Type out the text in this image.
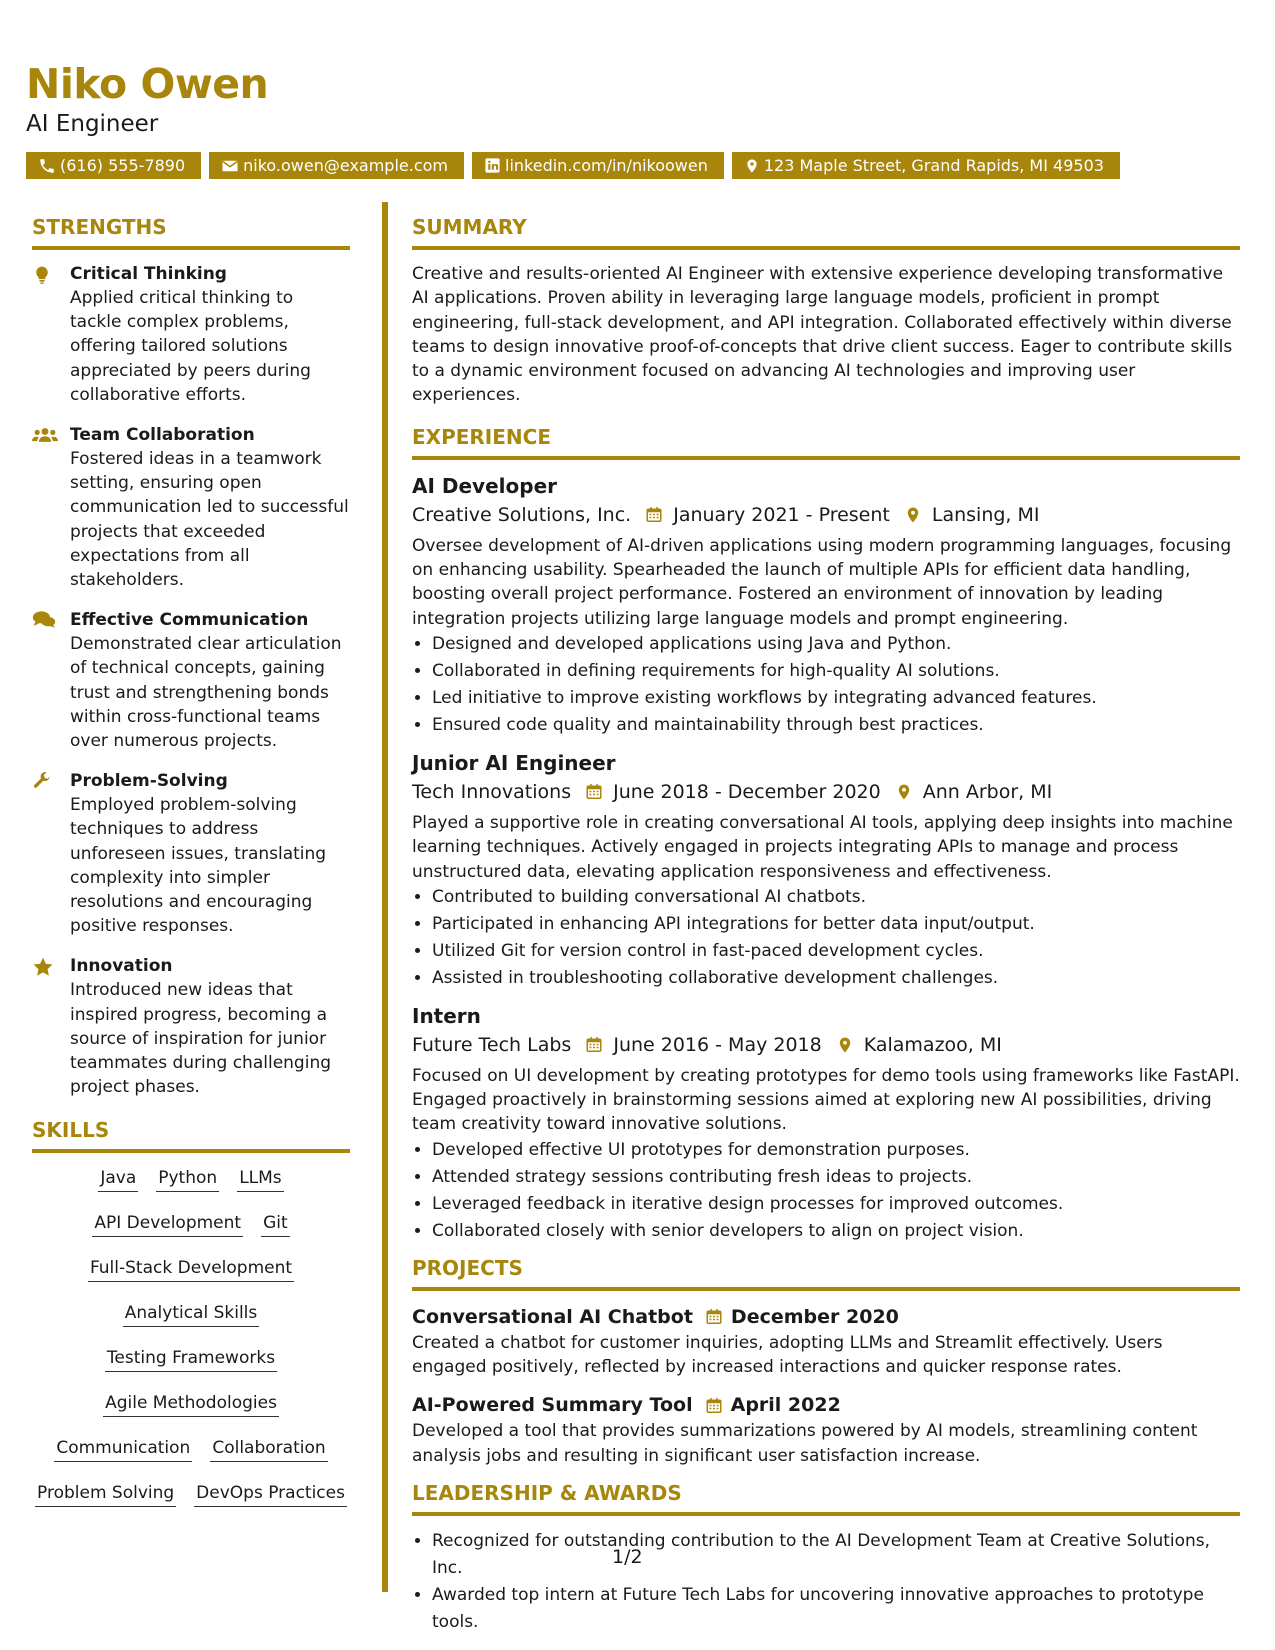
Niko Owen
AI Engineer
(616) 555-7890	niko.owen@example.com	linkedin.com/in/nikoowen	123 Maple Street, Grand Rapids, MI 49503
STRENGTHS
Critical Thinking
Applied critical thinking to tackle complex problems, offering tailored solutions appreciated by peers during collaborative efforts.
Team Collaboration
Fostered ideas in a teamwork setting, ensuring open communication led to successful projects that exceeded expectations from all stakeholders.
Effective Communication
Demonstrated clear articulation of technical concepts, gaining trust and strengthening bonds within cross-functional teams over numerous projects.
Problem-Solving
Employed problem-solving techniques to address unforeseen issues, translating complexity into simpler resolutions and encouraging positive responses.
Innovation
Introduced new ideas that inspired progress, becoming a source of inspiration for junior teammates during challenging project phases.
SKILLS
Java Python LLMs
API Development Git
Full-Stack Development
Analytical Skills
Testing Frameworks
Agile Methodologies
Communication Collaboration
Problem Solving DevOps Practices
SUMMARY
Creative and results-oriented AI Engineer with extensive experience developing transformative AI applications. Proven ability in leveraging large language models, proficient in prompt engineering, full-stack development, and API integration. Collaborated effectively within diverse teams to design innovative proof-of-concepts that drive client success. Eager to contribute skills to a dynamic environment focused on advancing AI technologies and improving user experiences.
EXPERIENCE
AI Developer
Creative Solutions, Inc. January 2021 - Present Lansing, MI
Oversee development of AI-driven applications using modern programming languages, focusing on enhancing usability. Spearheaded the launch of multiple APIs for efficient data handling, boosting overall project performance. Fostered an environment of innovation by leading integration projects utilizing large language models and prompt engineering.
• Designed and developed applications using Java and Python.
• Collaborated in defining requirements for high-quality AI solutions.
• Led initiative to improve existing workflows by integrating advanced features.
• Ensured code quality and maintainability through best practices.
Junior AI Engineer
Tech Innovations June 2018 - December 2020 Ann Arbor, MI
Played a supportive role in creating conversational AI tools, applying deep insights into machine learning techniques. Actively engaged in projects integrating APIs to manage and process unstructured data, elevating application responsiveness and effectiveness.
• Contributed to building conversational AI chatbots.
• Participated in enhancing API integrations for better data input/output.
• Utilized Git for version control in fast-paced development cycles.
• Assisted in troubleshooting collaborative development challenges.
Intern
Future Tech Labs June 2016 - May 2018 Kalamazoo, MI
Focused on UI development by creating prototypes for demo tools using frameworks like FastAPI. Engaged proactively in brainstorming sessions aimed at exploring new AI possibilities, driving team creativity toward innovative solutions.
• Developed effective UI prototypes for demonstration purposes.
• Attended strategy sessions contributing fresh ideas to projects.
• Leveraged feedback in iterative design processes for improved outcomes.
• Collaborated closely with senior developers to align on project vision.
PROJECTS
Conversational AI Chatbot December 2020
Created a chatbot for customer inquiries, adopting LLMs and Streamlit effectively. Users engaged positively, reflected by increased interactions and quicker response rates.
AI-Powered Summary Tool April 2022
Developed a tool that provides summarizations powered by AI models, streamlining content analysis jobs and resulting in significant user satisfaction increase.
LEADERSHIP & AWARDS
• Recognized for outstanding contribution to the AI Development Team at Creative Solutions, Inc.
• Awarded top intern at Future Tech Labs for uncovering innovative approaches to prototype tools.
1/2
